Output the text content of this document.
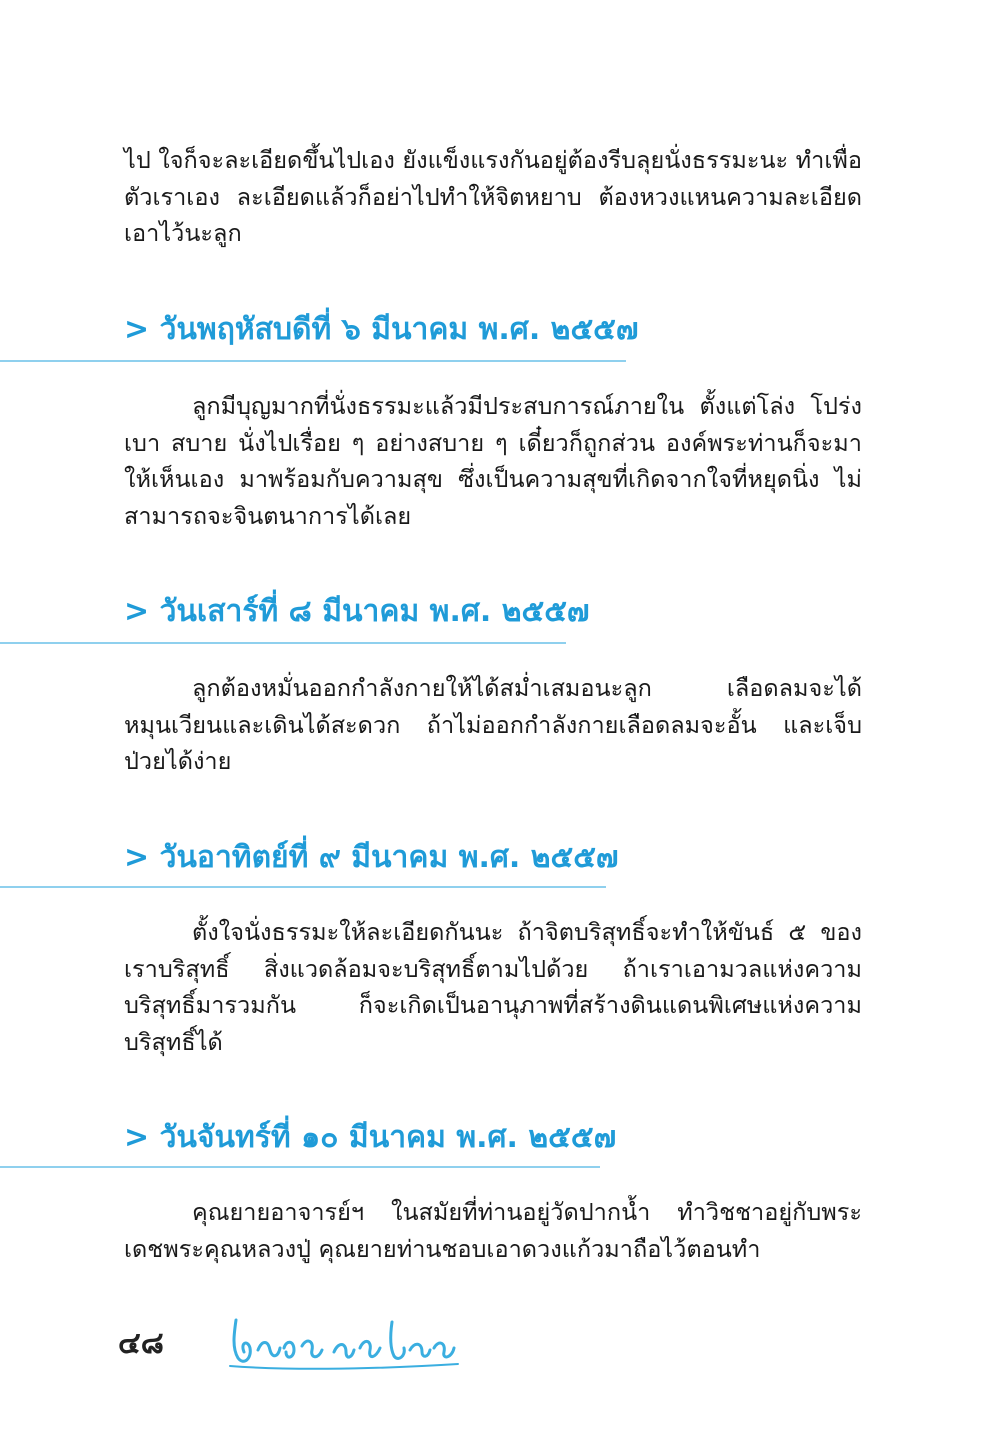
ไป ใจก็จะละเอียดขึ้นไปเอง ยังแข็งแรงกันอยู่ต้องรีบลุยนั่งธรรมะนะ ทำเพื่อตัวเราเอง ละเอียดแล้วก็อย่าไปทำให้จิตหยาบ ต้องหวงแหนความละเอียดเอาไว้นะลูก

> วันพฤหัสบดีที่ ๖ มีนาคม พ.ศ. ๒๕๕๗

ลูกมีบุญมากที่นั่งธรรมะแล้วมีประสบการณ์ภายใน ตั้งแต่โล่ง โปร่ง เบา สบาย นั่งไปเรื่อย ๆ อย่างสบาย ๆ เดี๋ยวก็ถูกส่วน องค์พระท่านก็จะมาให้เห็นเอง มาพร้อมกับความสุข ซึ่งเป็นความสุขที่เกิดจากใจที่หยุดนิ่ง ไม่สามารถจะจินตนาการได้เลย

> วันเสาร์ที่ ๘ มีนาคม พ.ศ. ๒๕๕๗

ลูกต้องหมั่นออกกำลังกายให้ได้สม่ำเสมอนะลูก เลือดลมจะได้หมุนเวียนและเดินได้สะดวก ถ้าไม่ออกกำลังกายเลือดลมจะอั้น และเจ็บป่วยได้ง่าย

> วันอาทิตย์ที่ ๙ มีนาคม พ.ศ. ๒๕๕๗

ตั้งใจนั่งธรรมะให้ละเอียดกันนะ ถ้าจิตบริสุทธิ์จะทำให้ขันธ์ ๕ ของเราบริสุทธิ์ สิ่งแวดล้อมจะบริสุทธิ์ตามไปด้วย ถ้าเราเอามวลแห่งความบริสุทธิ์มารวมกัน ก็จะเกิดเป็นอานุภาพที่สร้างดินแดนพิเศษแห่งความบริสุทธิ์ได้

> วันจันทร์ที่ ๑๐ มีนาคม พ.ศ. ๒๕๕๗

คุณยายอาจารย์ฯ ในสมัยที่ท่านอยู่วัดปากน้ำ ทำวิชชาอยู่กับพระเดชพระคุณหลวงปู่ คุณยายท่านชอบเอาดวงแก้วมาถือไว้ตอนทำ

๔๘
